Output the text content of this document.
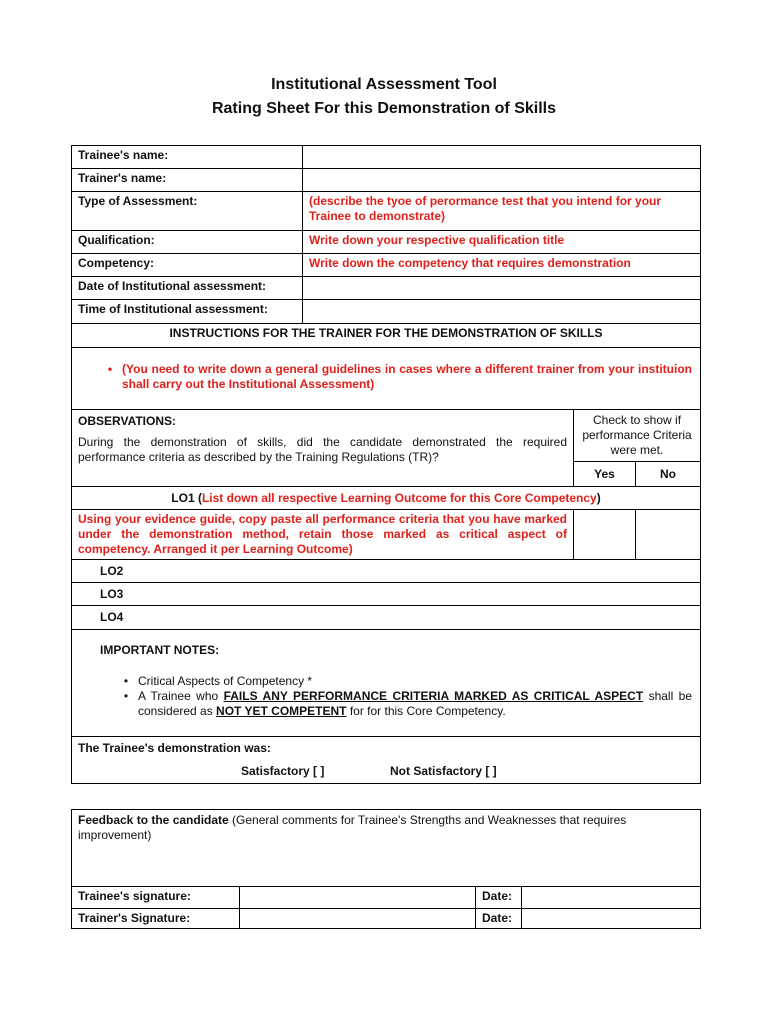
Institutional Assessment Tool
Rating Sheet For this Demonstration of Skills
Trainee's name:			
Trainer's name:			
Type of Assessment:	(describe the tyoe of perormance test that you intend for your Trainee to demonstrate)		
Qualification:	Write down your respective qualification title		
Competency:	Write down the competency that requires demonstration		
Date of Institutional assessment:			
Time of Institutional assessment:			
INSTRUCTIONS FOR THE TRAINER FOR THE DEMONSTRATION OF SKILLS			

• (You need to write down a general guidelines in cases where a different trainer from your instituion shall carry out the Institutional Assessment)			

OBSERVATIONS:
During the demonstration of skills, did the candidate demonstrated the required performance criteria as described by the Training Regulations (TR)?		Check to show if performance Criteria were met.	
		Yes	No
LO1 (List down all respective Learning Outcome for this Core Competency)			
Using your evidence guide, copy paste all performance criteria that you have marked under the demonstration method, retain those marked as critical aspect of competency. Arranged it per Learning Outcome)			
LO2			
LO3			
LO4			

IMPORTANT NOTES:
• Critical Aspects of Competency *
• A Trainee who FAILS ANY PERFORMANCE CRITERIA MARKED AS CRITICAL ASPECT shall be considered as NOT YET COMPETENT for for this Core Competency.			

The Trainee's demonstration was:
Satisfactory [ ] Not Satisfactory [ ]			
Feedback to the candidate (General comments for Trainee's Strengths and Weaknesses that requires improvement)			
Trainee's signature:		Date:	
Trainer's Signature:		Date:	
